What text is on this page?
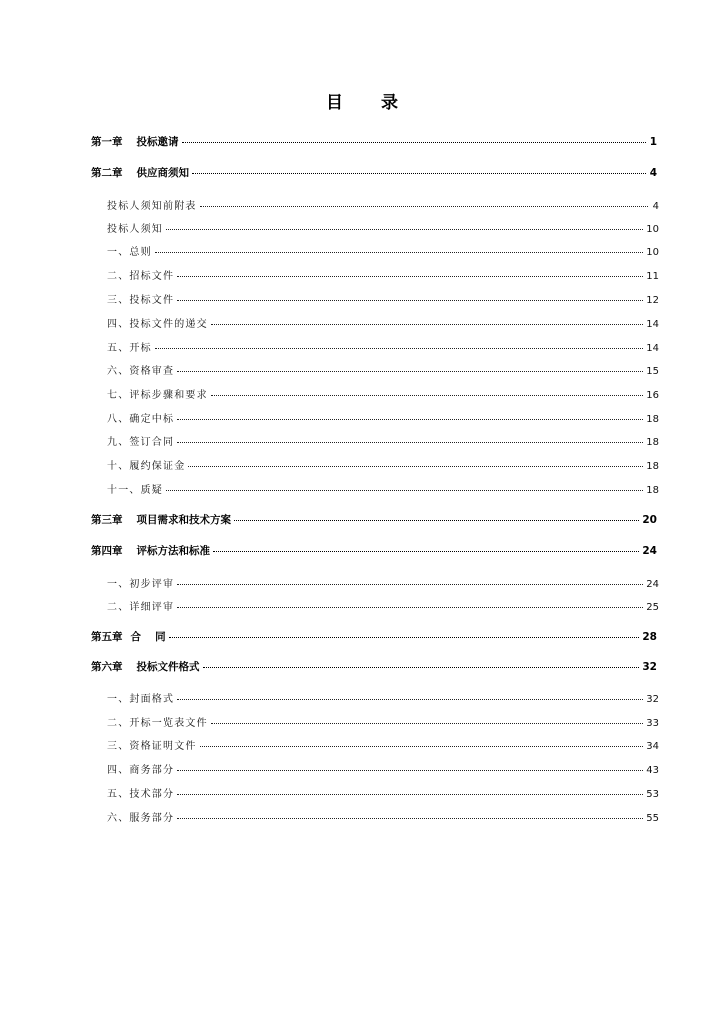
目 录
第一章 投标邀请	1
第二章 供应商须知	4
投标人须知前附表	4
投标人须知	10
一、总则	10
二、招标文件	11
三、投标文件	12
四、投标文件的递交	14
五、开标	14
六、资格审查	15
七、评标步骤和要求	16
八、确定中标	18
九、签订合同	18
十、履约保证金	18
十一、质疑	18
第三章 项目需求和技术方案	20
第四章 评标方法和标准	24
一、初步评审	24
二、详细评审	25
第五章 合　 同	28
第六章 投标文件格式	32
一、封面格式	32
二、开标一览表文件	33
三、资格证明文件	34
四、商务部分	43
五、技术部分	53
六、服务部分	55
